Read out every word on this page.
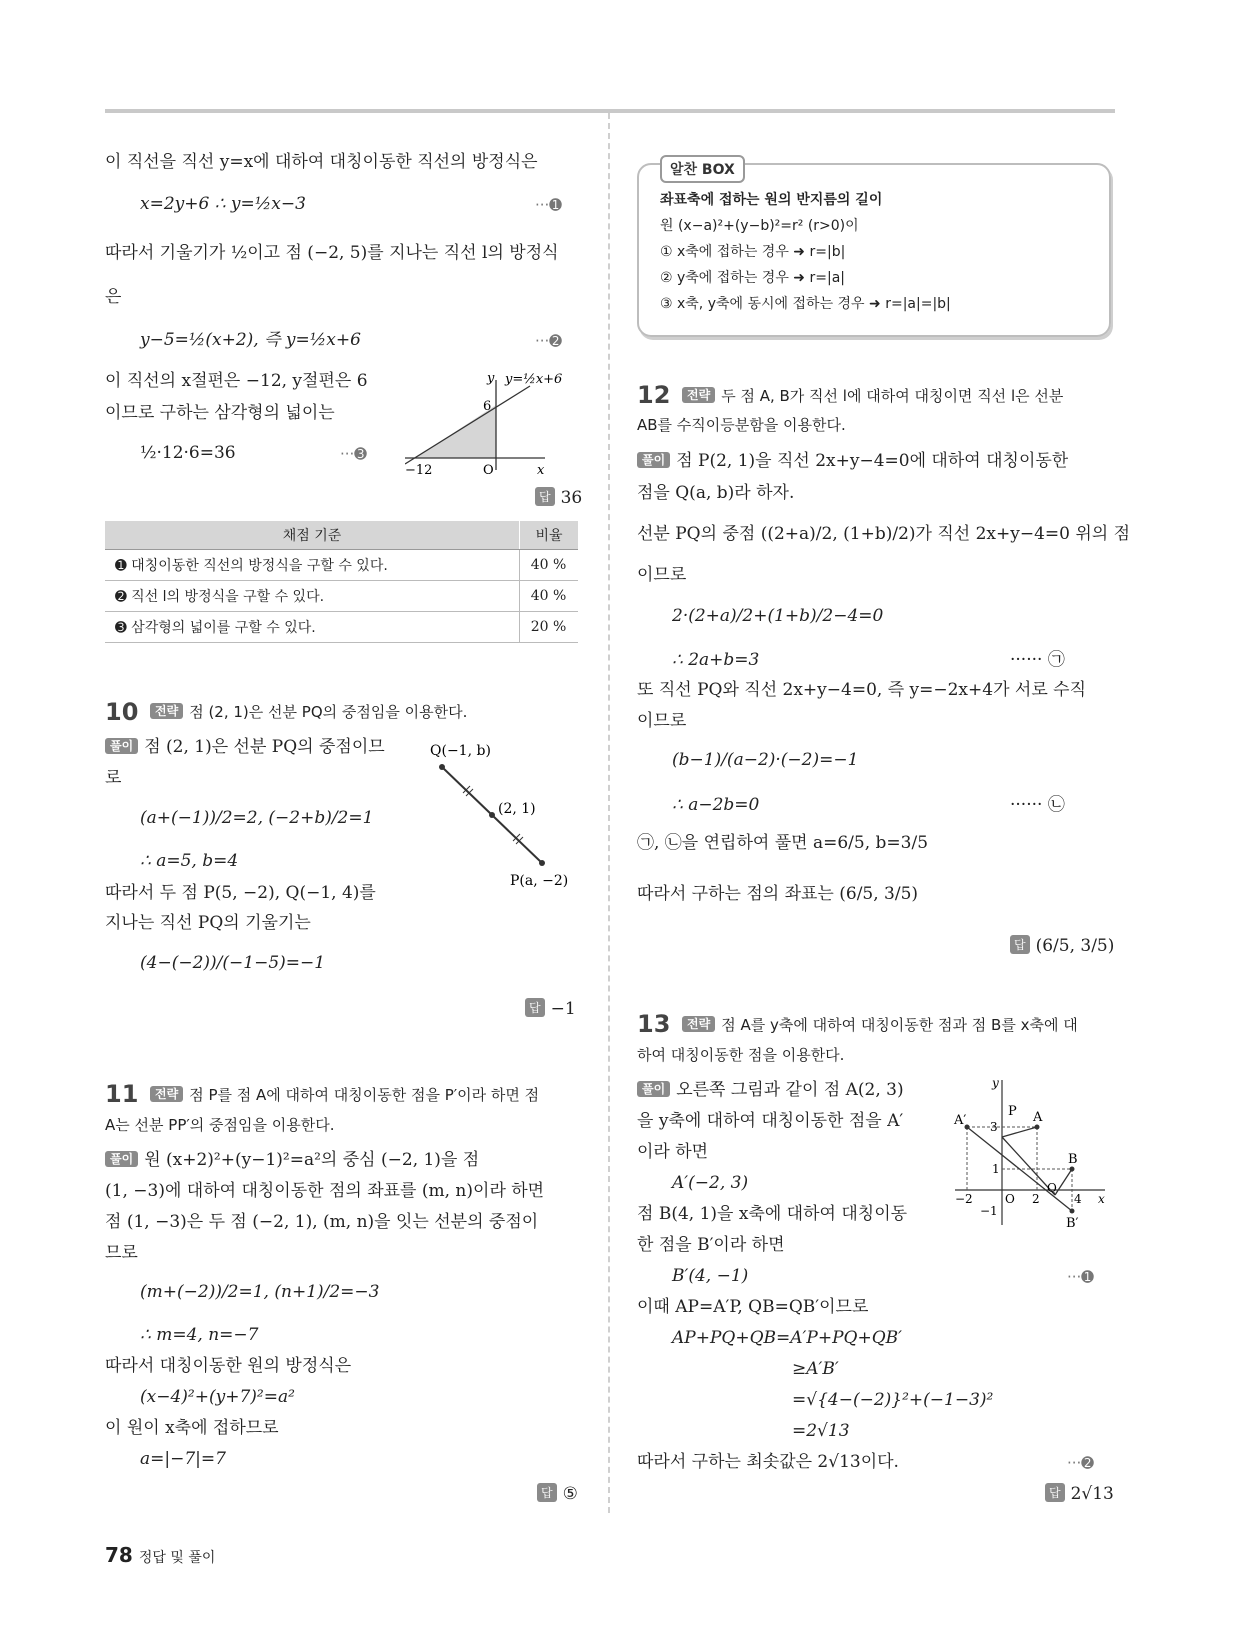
이 직선을 직선 y=x에 대하여 대칭이동한 직선의 방정식은
x=2y+6 ∴ y=½x−3	···➊
따라서 기울기가 ½이고 점 (−2, 5)를 지나는 직선 l의 방정식
은
y−5=½(x+2), 즉 y=½x+6	···➋
이 직선의 x절편은 −12, y절편은 6
이므로 구하는 삼각형의 넓이는
½·12·6=36	···➌
y y=½x+6
6
−12	O	x
답 36
채점 기준	비율
➊ 대칭이동한 직선의 방정식을 구할 수 있다.	40 %
➋ 직선 l의 방정식을 구할 수 있다.	40 %
➌ 삼각형의 넓이를 구할 수 있다.	20 %
10	전략 점 (2, 1)은 선분 PQ의 중점임을 이용한다.
풀이 점 (2, 1)은 선분 PQ의 중점이므
로
(a+(−1))/2=2, (−2+b)/2=1
∴ a=5, b=4
따라서 두 점 P(5, −2), Q(−1, 4)를
지나는 직선 PQ의 기울기는
(4−(−2))/(−1−5)=−1
Q(−1, b)
(2, 1)
P(a, −2)
답 −1
11	전략 점 P를 점 A에 대하여 대칭이동한 점을 P′이라 하면 점
A는 선분 PP′의 중점임을 이용한다.
풀이 원 (x+2)²+(y−1)²=a²의 중심 (−2, 1)을 점
(1, −3)에 대하여 대칭이동한 점의 좌표를 (m, n)이라 하면
점 (1, −3)은 두 점 (−2, 1), (m, n)을 잇는 선분의 중점이
므로
(m+(−2))/2=1, (n+1)/2=−3
∴ m=4, n=−7
따라서 대칭이동한 원의 방정식은
(x−4)²+(y+7)²=a²
이 원이 x축에 접하므로
a=|−7|=7
답 ⑤
알찬 BOX
좌표축에 접하는 원의 반지름의 길이
원 (x−a)²+(y−b)²=r² (r>0)이
① x축에 접하는 경우 ➜ r=|b|
② y축에 접하는 경우 ➜ r=|a|
③ x축, y축에 동시에 접하는 경우 ➜ r=|a|=|b|
12	전략 두 점 A, B가 직선 l에 대하여 대칭이면 직선 l은 선분
AB를 수직이등분함을 이용한다.
풀이 점 P(2, 1)을 직선 2x+y−4=0에 대하여 대칭이동한
점을 Q(a, b)라 하자.
선분 PQ의 중점 ((2+a)/2, (1+b)/2)가 직선 2x+y−4=0 위의 점
이므로
2·(2+a)/2+(1+b)/2−4=0
∴ 2a+b=3	······ ㉠
또 직선 PQ와 직선 2x+y−4=0, 즉 y=−2x+4가 서로 수직
이므로
(b−1)/(a−2)·(−2)=−1
∴ a−2b=0	······ ㉡
㉠, ㉡을 연립하여 풀면 a=6/5, b=3/5
따라서 구하는 점의 좌표는 (6/5, 3/5)
답 (6/5, 3/5)
13	전략 점 A를 y축에 대하여 대칭이동한 점과 점 B를 x축에 대
하여 대칭이동한 점을 이용한다.
풀이 오른쪽 그림과 같이 점 A(2, 3)
을 y축에 대하여 대칭이동한 점을 A′
이라 하면
A′(−2, 3)
점 B(4, 1)을 x축에 대하여 대칭이동
한 점을 B′이라 하면
B′(4, −1)	···➊
이때 AP=A′P, QB=QB′이므로
AP+PQ+QB=A′P+PQ+QB′
≥A′B′
=√{4−(−2)}²+(−1−3)²
=2√13
따라서 구하는 최솟값은 2√13이다.	···➋
답 2√13
A′
P A
B
B′
Q
3
1
−2	O 2	4
−1
x
y
78 정답 및 풀이
